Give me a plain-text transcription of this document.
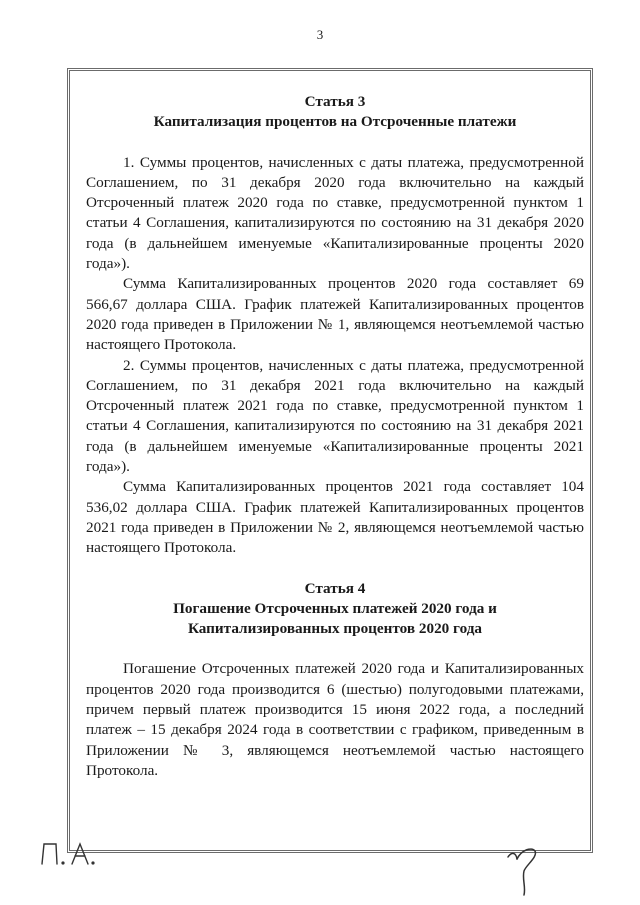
3

Статья 3

Капитализация процентов на Отсроченные платежи

1. Суммы процентов, начисленных с даты платежа, предусмотренной Соглашением, по 31 декабря 2020 года включительно на каждый Отсроченный платеж 2020 года по ставке, предусмотренной пунктом 1 статьи 4 Соглашения, капитализируются по состоянию на 31 декабря 2020 года (в дальнейшем именуемые «Капитализированные проценты 2020 года»).

Сумма Капитализированных процентов 2020 года составляет 69 566,67 доллара США. График платежей Капитализированных процентов 2020 года приведен в Приложении № 1, являющемся неотъемлемой частью настоящего Протокола.

2. Суммы процентов, начисленных с даты платежа, предусмотренной Соглашением, по 31 декабря 2021 года включительно на каждый Отсроченный платеж 2021 года по ставке, предусмотренной пунктом 1 статьи 4 Соглашения, капитализируются по состоянию на 31 декабря 2021 года (в дальнейшем именуемые «Капитализированные проценты 2021 года»).

Сумма Капитализированных процентов 2021 года составляет 104 536,02 доллара США. График платежей Капитализированных процентов 2021 года приведен в Приложении № 2, являющемся неотъемлемой частью настоящего Протокола.

Статья 4

Погашение Отсроченных платежей 2020 года и

Капитализированных процентов 2020 года

Погашение Отсроченных платежей 2020 года и Капитализированных процентов 2020 года производится 6 (шестью) полугодовыми платежами, причем первый платеж производится 15 июня 2022 года, а последний платеж – 15 декабря 2024 года в соответствии с графиком, приведенным в Приложении № 3, являющемся неотъемлемой частью настоящего Протокола.
